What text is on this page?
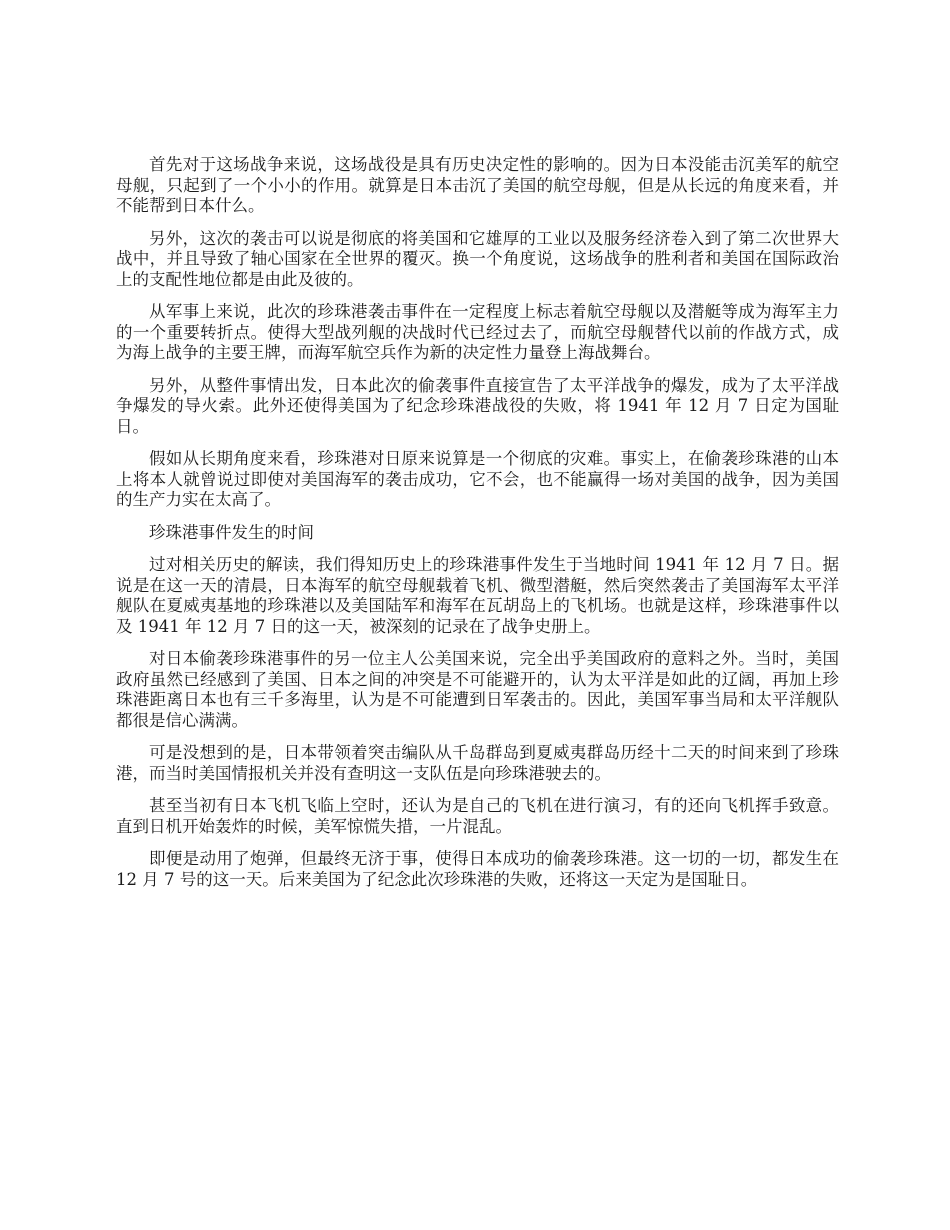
首先对于这场战争来说，这场战役是具有历史决定性的影响的。因为日本没能击沉美军的航空母舰，只起到了一个小小的作用。就算是日本击沉了美国的航空母舰，但是从长远的角度来看，并不能帮到日本什么。

另外，这次的袭击可以说是彻底的将美国和它雄厚的工业以及服务经济卷入到了第二次世界大战中，并且导致了轴心国家在全世界的覆灭。换一个角度说，这场战争的胜利者和美国在国际政治上的支配性地位都是由此及彼的。

从军事上来说，此次的珍珠港袭击事件在一定程度上标志着航空母舰以及潜艇等成为海军主力的一个重要转折点。使得大型战列舰的决战时代已经过去了，而航空母舰替代以前的作战方式，成为海上战争的主要王牌，而海军航空兵作为新的决定性力量登上海战舞台。

另外，从整件事情出发，日本此次的偷袭事件直接宣告了太平洋战争的爆发，成为了太平洋战争爆发的导火索。此外还使得美国为了纪念珍珠港战役的失败，将 1941 年 12 月 7 日定为国耻日。

假如从长期角度来看，珍珠港对日原来说算是一个彻底的灾难。事实上，在偷袭珍珠港的山本上将本人就曾说过即使对美国海军的袭击成功，它不会，也不能赢得一场对美国的战争，因为美国的生产力实在太高了。

珍珠港事件发生的时间

过对相关历史的解读，我们得知历史上的珍珠港事件发生于当地时间 1941 年 12 月 7 日。据说是在这一天的清晨，日本海军的航空母舰载着飞机、微型潜艇，然后突然袭击了美国海军太平洋舰队在夏威夷基地的珍珠港以及美国陆军和海军在瓦胡岛上的飞机场。也就是这样，珍珠港事件以及 1941 年 12 月 7 日的这一天，被深刻的记录在了战争史册上。

对日本偷袭珍珠港事件的另一位主人公美国来说，完全出乎美国政府的意料之外。当时，美国政府虽然已经感到了美国、日本之间的冲突是不可能避开的，认为太平洋是如此的辽阔，再加上珍珠港距离日本也有三千多海里，认为是不可能遭到日军袭击的。因此，美国军事当局和太平洋舰队都很是信心满满。

可是没想到的是，日本带领着突击编队从千岛群岛到夏威夷群岛历经十二天的时间来到了珍珠港，而当时美国情报机关并没有查明这一支队伍是向珍珠港驶去的。

甚至当初有日本飞机飞临上空时，还认为是自己的飞机在进行演习，有的还向飞机挥手致意。直到日机开始轰炸的时候，美军惊慌失措，一片混乱。

即便是动用了炮弹，但最终无济于事，使得日本成功的偷袭珍珠港。这一切的一切，都发生在 12 月 7 号的这一天。后来美国为了纪念此次珍珠港的失败，还将这一天定为是国耻日。
